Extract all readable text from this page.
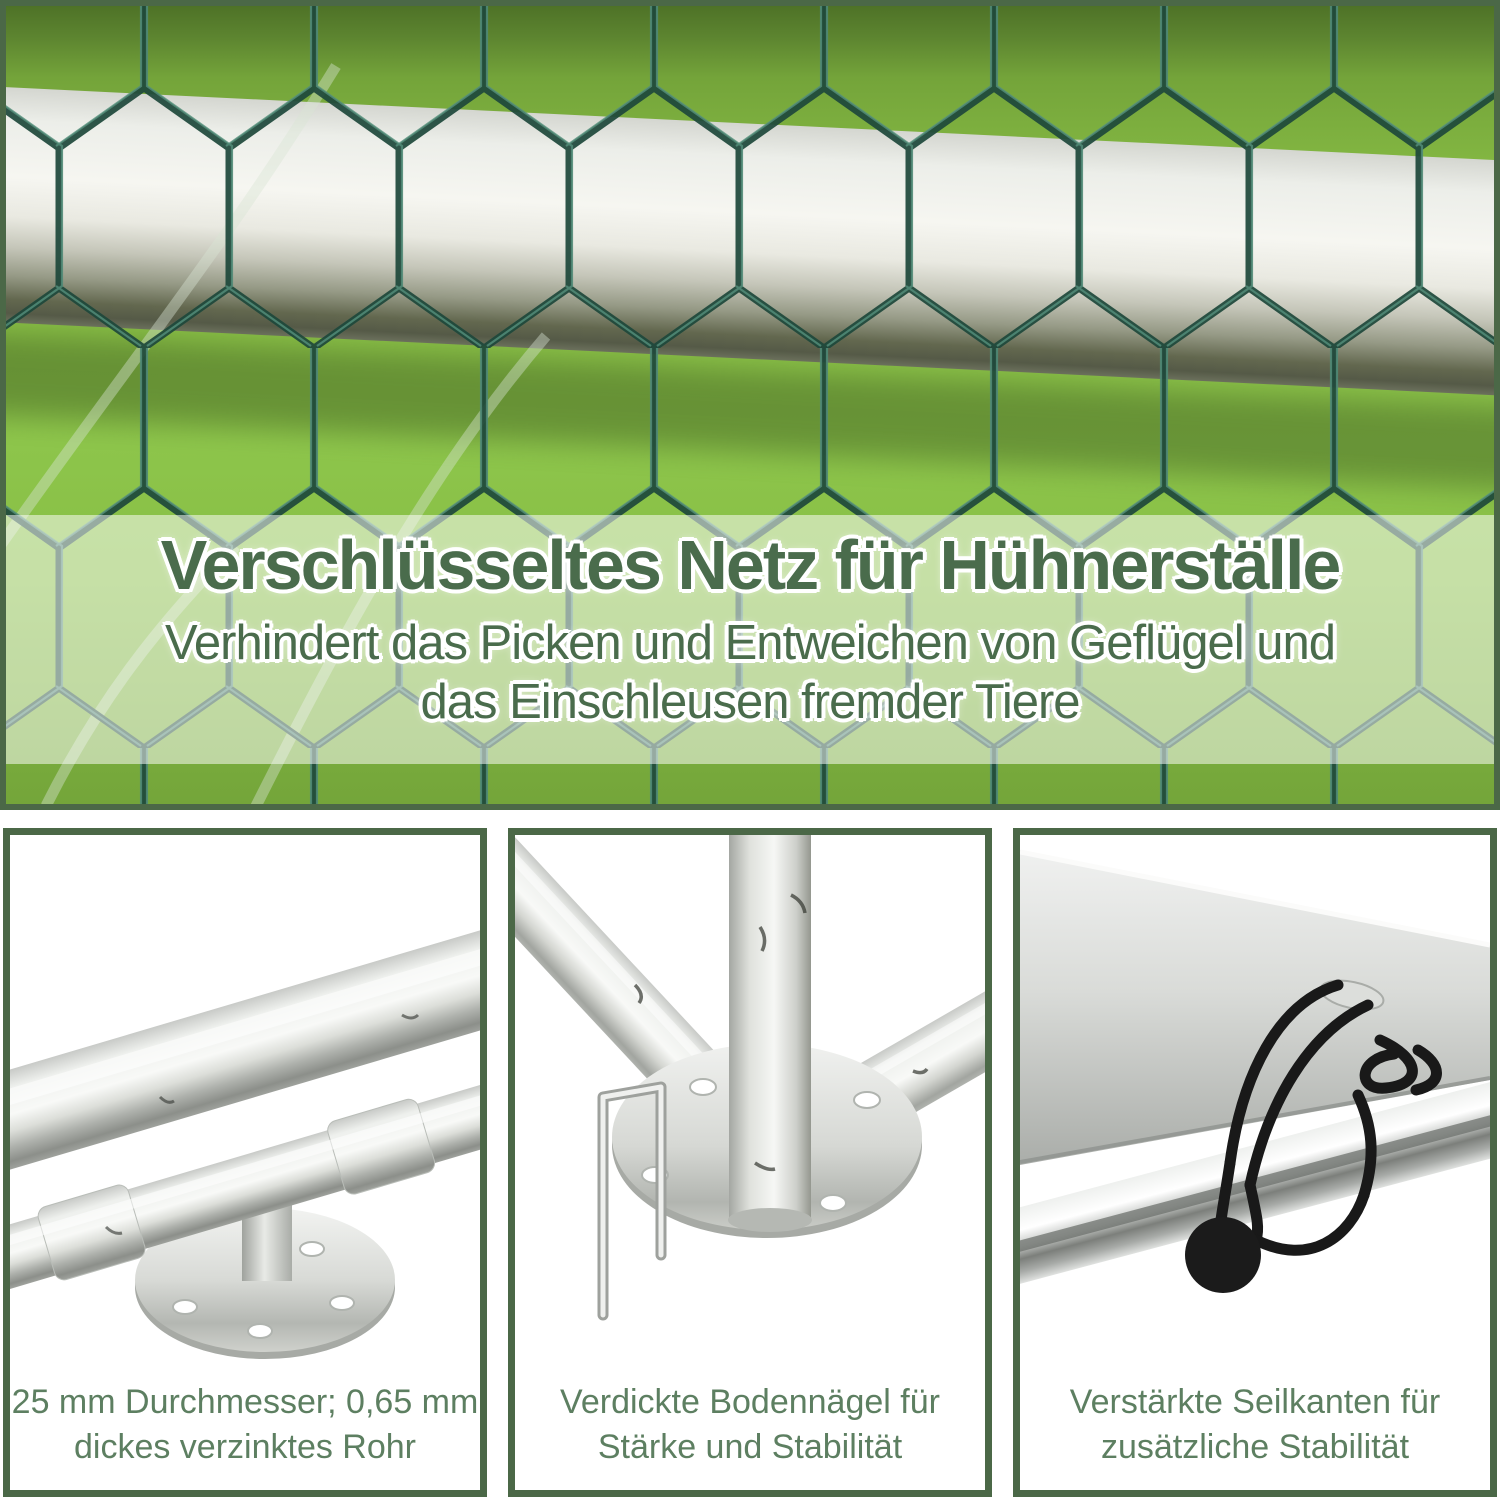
Verschlüsseltes Netz für Hühnerställe
Verhindert das Picken und Entweichen von Geflügel und
das Einschleusen fremder Tiere
25 mm Durchmesser; 0,65 mm
dickes verzinktes Rohr
Verdickte Bodennägel für
Stärke und Stabilität
Verstärkte Seilkanten für
zusätzliche Stabilität
